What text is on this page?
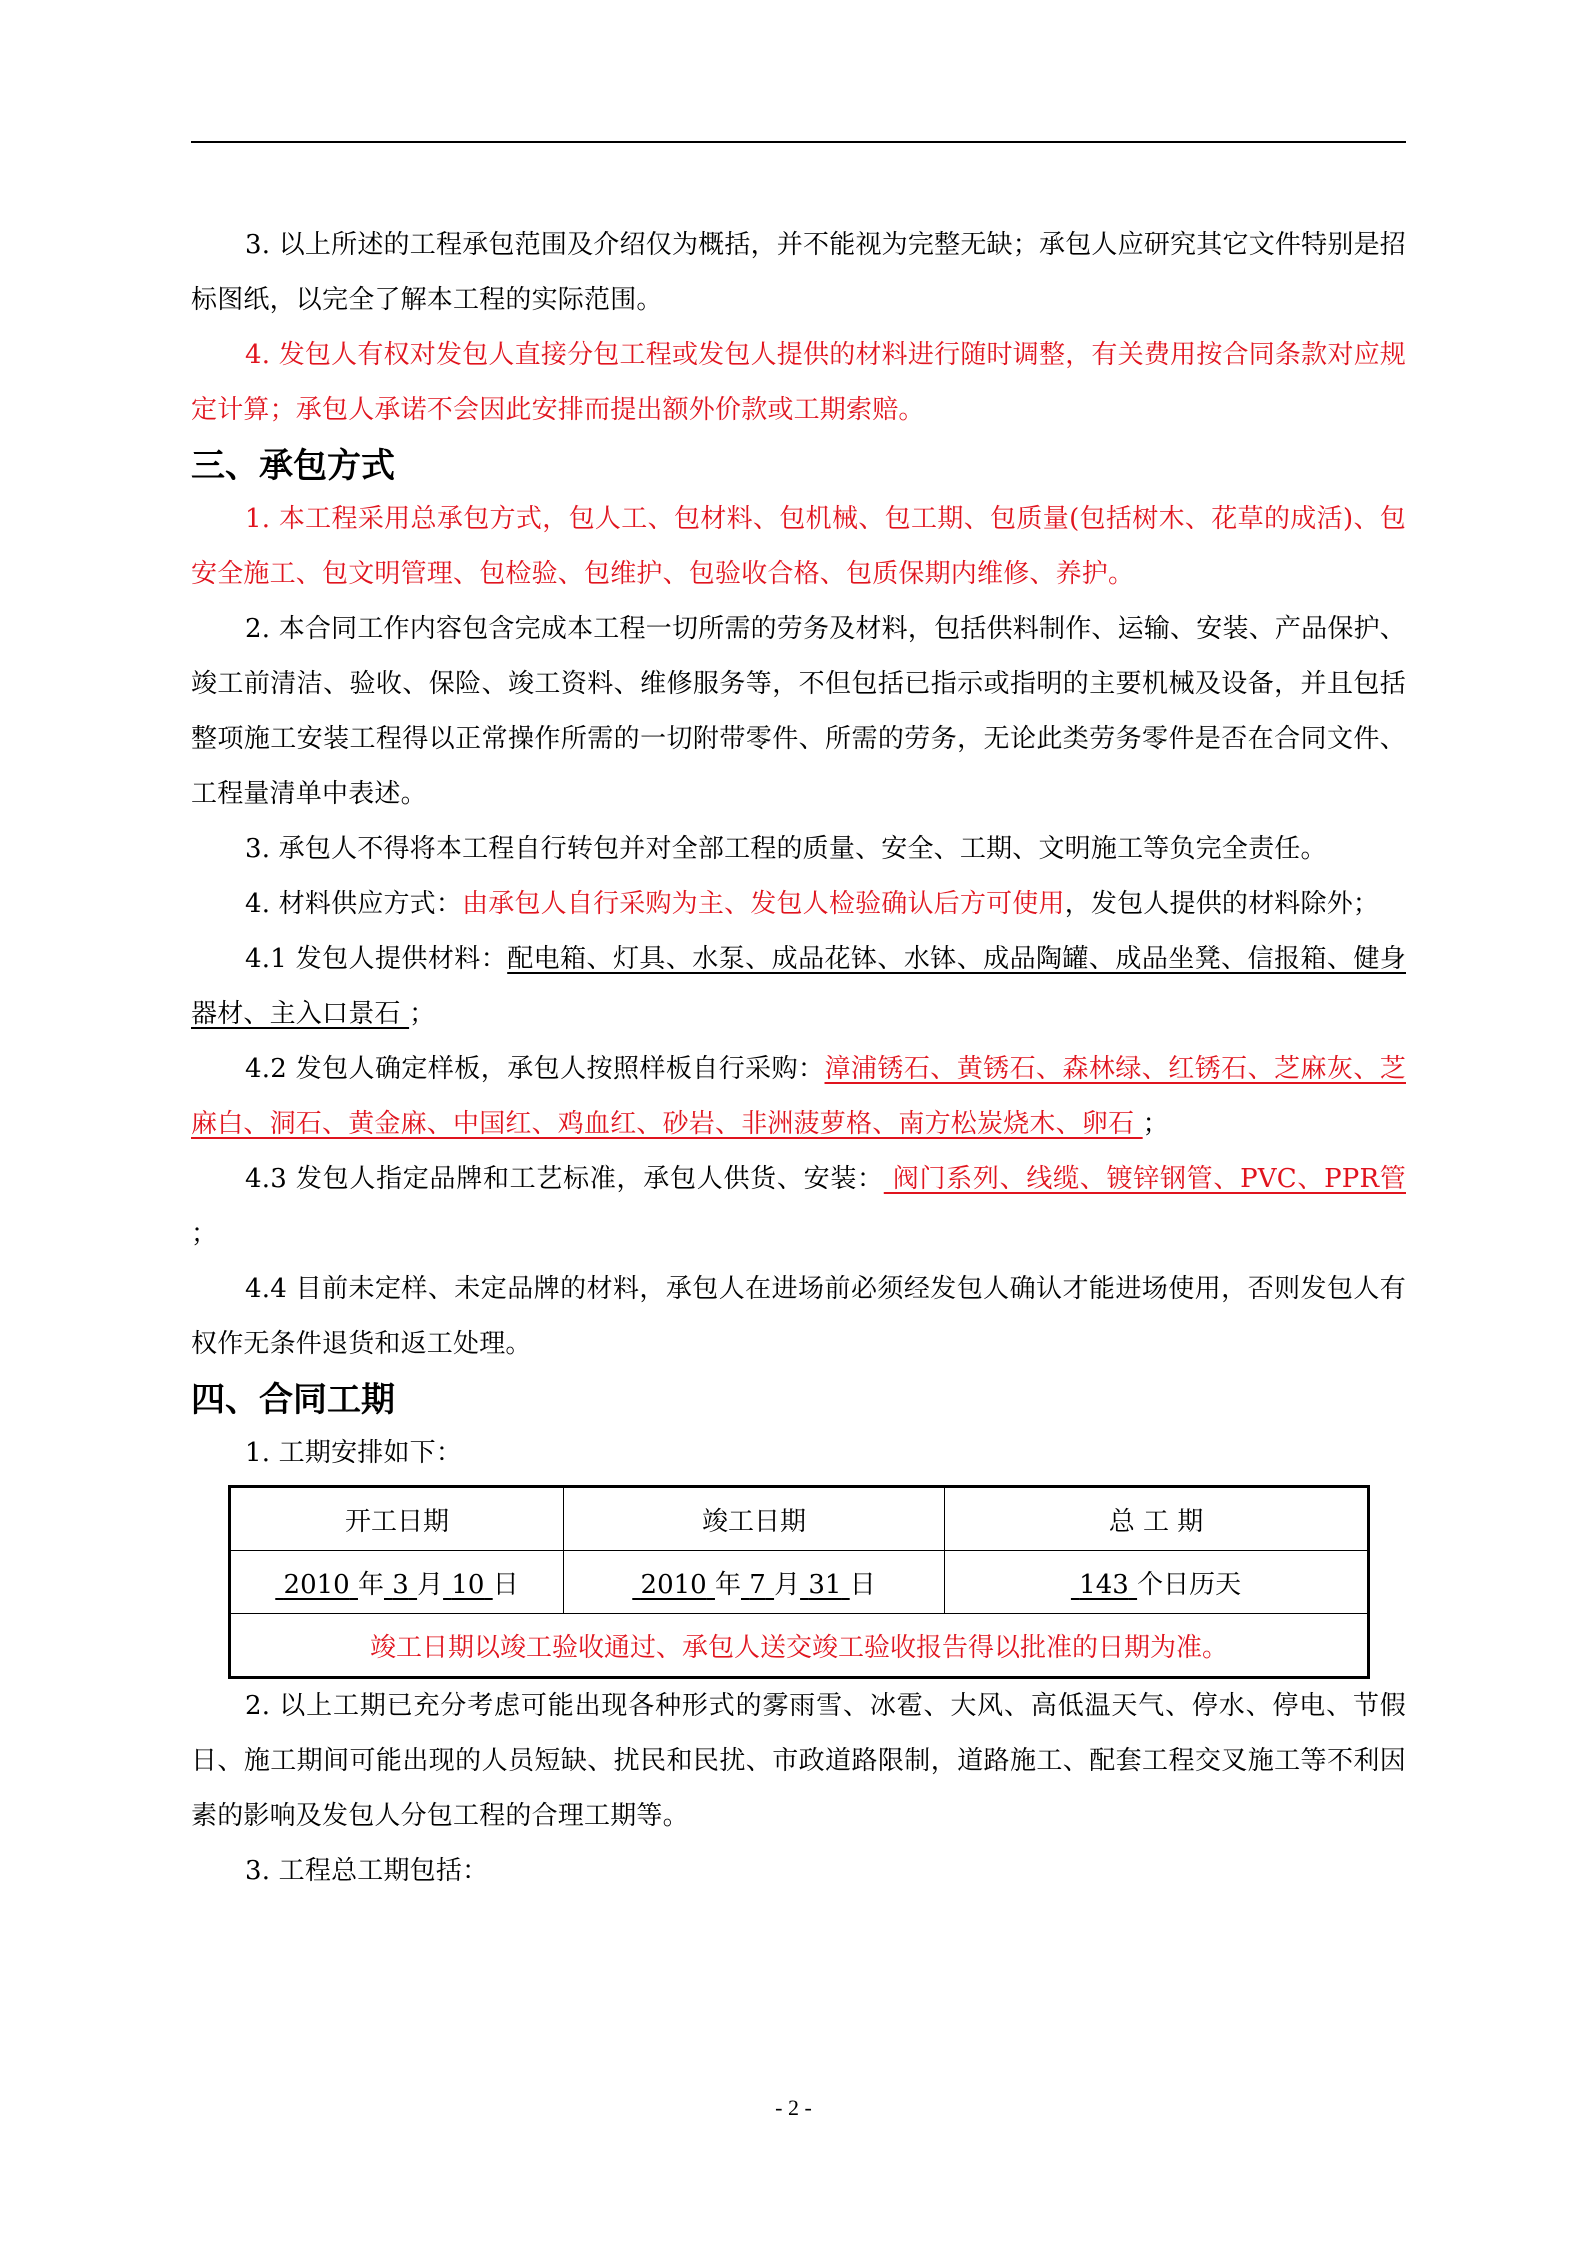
3. 以上所述的工程承包范围及介绍仅为概括，并不能视为完整无缺；承包人应研究其它文件特别是招标图纸，以完全了解本工程的实际范围。

4. 发包人有权对发包人直接分包工程或发包人提供的材料进行随时调整，有关费用按合同条款对应规定计算；承包人承诺不会因此安排而提出额外价款或工期索赔。

三、承包方式

1. 本工程采用总承包方式，包人工、包材料、包机械、包工期、包质量(包括树木、花草的成活)、包安全施工、包文明管理、包检验、包维护、包验收合格、包质保期内维修、养护。

2. 本合同工作内容包含完成本工程一切所需的劳务及材料，包括供料制作、运输、安装、产品保护、竣工前清洁、验收、保险、竣工资料、维修服务等，不但包括已指示或指明的主要机械及设备，并且包括整项施工安装工程得以正常操作所需的一切附带零件、所需的劳务，无论此类劳务零件是否在合同文件、工程量清单中表述。

3. 承包人不得将本工程自行转包并对全部工程的质量、安全、工期、文明施工等负完全责任。

4. 材料供应方式：由承包人自行采购为主、发包人检验确认后方可使用，发包人提供的材料除外；

4.1 发包人提供材料：配电箱、灯具、水泵、成品花钵、水钵、成品陶罐、成品坐凳、信报箱、健身器材、主入口景石 ；

4.2 发包人确定样板，承包人按照样板自行采购：漳浦锈石、黄锈石、森林绿、红锈石、芝麻灰、芝麻白、洞石、黄金麻、中国红、鸡血红、砂岩、非洲菠萝格、南方松炭烧木、卵石 ；

4.3 发包人指定品牌和工艺标准，承包人供货、安装： 阀门系列、线缆、镀锌钢管、PVC、PPR管 ；

4.4 目前未定样、未定品牌的材料，承包人在进场前必须经发包人确认才能进场使用，否则发包人有权作无条件退货和返工处理。

四、合同工期

1. 工期安排如下：

开工日期	竣工日期	总 工 期
2010 年 3 月 10 日	2010 年 7 月 31 日	143 个日历天
竣工日期以竣工验收通过、承包人送交竣工验收报告得以批准的日期为准。		

2. 以上工期已充分考虑可能出现各种形式的雾雨雪、冰雹、大风、高低温天气、停水、停电、节假日、施工期间可能出现的人员短缺、扰民和民扰、市政道路限制，道路施工、配套工程交叉施工等不利因素的影响及发包人分包工程的合理工期等。

3. 工程总工期包括：

- 2 -
